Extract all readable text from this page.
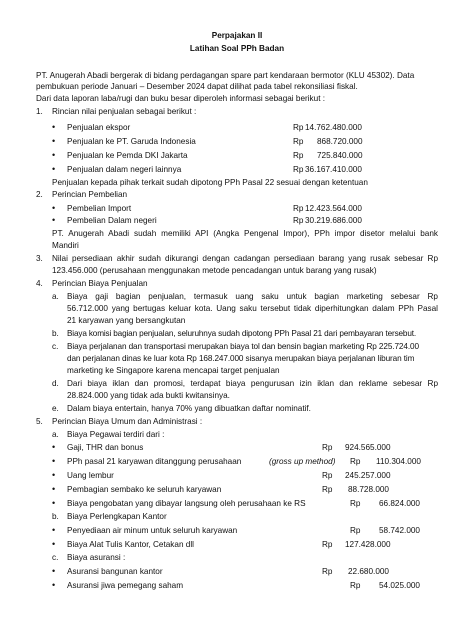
Perpajakan II
Latihan Soal PPh Badan
PT. Anugerah Abadi bergerak di bidang perdagangan spare part kendaraan bermotor (KLU 45302). Data
pembukuan periode Januari – Desember 2024 dapat dilihat pada tabel rekonsiliasi fiskal.
Dari data laporan laba/rugi dan buku besar diperoleh informasi sebagai berikut :
1. Rincian nilai penjualan sebagai berikut :
• Penjualan ekspor	Rp 14.762.480.000
• Penjualan ke PT. Garuda Indonesia	Rp 868.720.000
• Penjualan ke Pemda DKI Jakarta	Rp 725.840.000
• Penjualan dalam negeri lainnya	Rp 36.167.410.000
Penjualan kepada pihak terkait sudah dipotong PPh Pasal 22 sesuai dengan ketentuan
2. Perincian Pembelian
• Pembelian Import	Rp 12.423.564.000
• Pembelian Dalam negeri	Rp 30.219.686.000
PT. Anugerah Abadi sudah memiliki API (Angka Pengenal Impor), PPh impor disetor melalui bank
Mandiri
3. Nilai persediaan akhir sudah dikurangi dengan cadangan persediaan barang yang rusak sebesar Rp
123.456.000 (perusahaan menggunakan metode pencadangan untuk barang yang rusak)
4. Perincian Biaya Penjualan
a. Biaya gaji bagian penjualan, termasuk uang saku untuk bagian marketing sebesar Rp
56.712.000 yang bertugas keluar kota. Uang saku tersebut tidak diperhitungkan dalam PPh Pasal
21 karyawan yang bersangkutan
b. Biaya komisi bagian penjualan, seluruhnya sudah dipotong PPh Pasal 21 dari pembayaran tersebut.
c. Biaya perjalanan dan transportasi merupakan biaya tol dan bensin bagian marketing Rp 225.724.00
dan perjalanan dinas ke luar kota Rp 168.247.000 sisanya merupakan biaya perjalanan liburan tim
marketing ke Singapore karena mencapai target penjualan
d. Dari biaya iklan dan promosi, terdapat biaya pengurusan izin iklan dan reklame sebesar Rp
28.824.000 yang tidak ada bukti kwitansinya.
e. Dalam biaya entertain, hanya 70% yang dibuatkan daftar nominatif.
5. Perincian Biaya Umum dan Administrasi :
a. Biaya Pegawai terdiri dari :
• Gaji, THR dan bonus	Rp 924.565.000
• PPh pasal 21 karyawan ditanggung perusahaan	(gross up method) Rp 110.304.000
• Uang lembur	Rp 245.257.000
• Pembagian sembako ke seluruh karyawan	Rp 88.728.000
• Biaya pengobatan yang dibayar langsung oleh perusahaan ke RS	Rp 66.824.000
b. Biaya Perlengkapan Kantor
• Penyediaan air minum untuk seluruh karyawan	Rp 58.742.000
• Biaya Alat Tulis Kantor, Cetakan dll	Rp 127.428.000
c. Biaya asuransi :
• Asuransi bangunan kantor	Rp 22.680.000
• Asuransi jiwa pemegang saham	Rp 54.025.000
